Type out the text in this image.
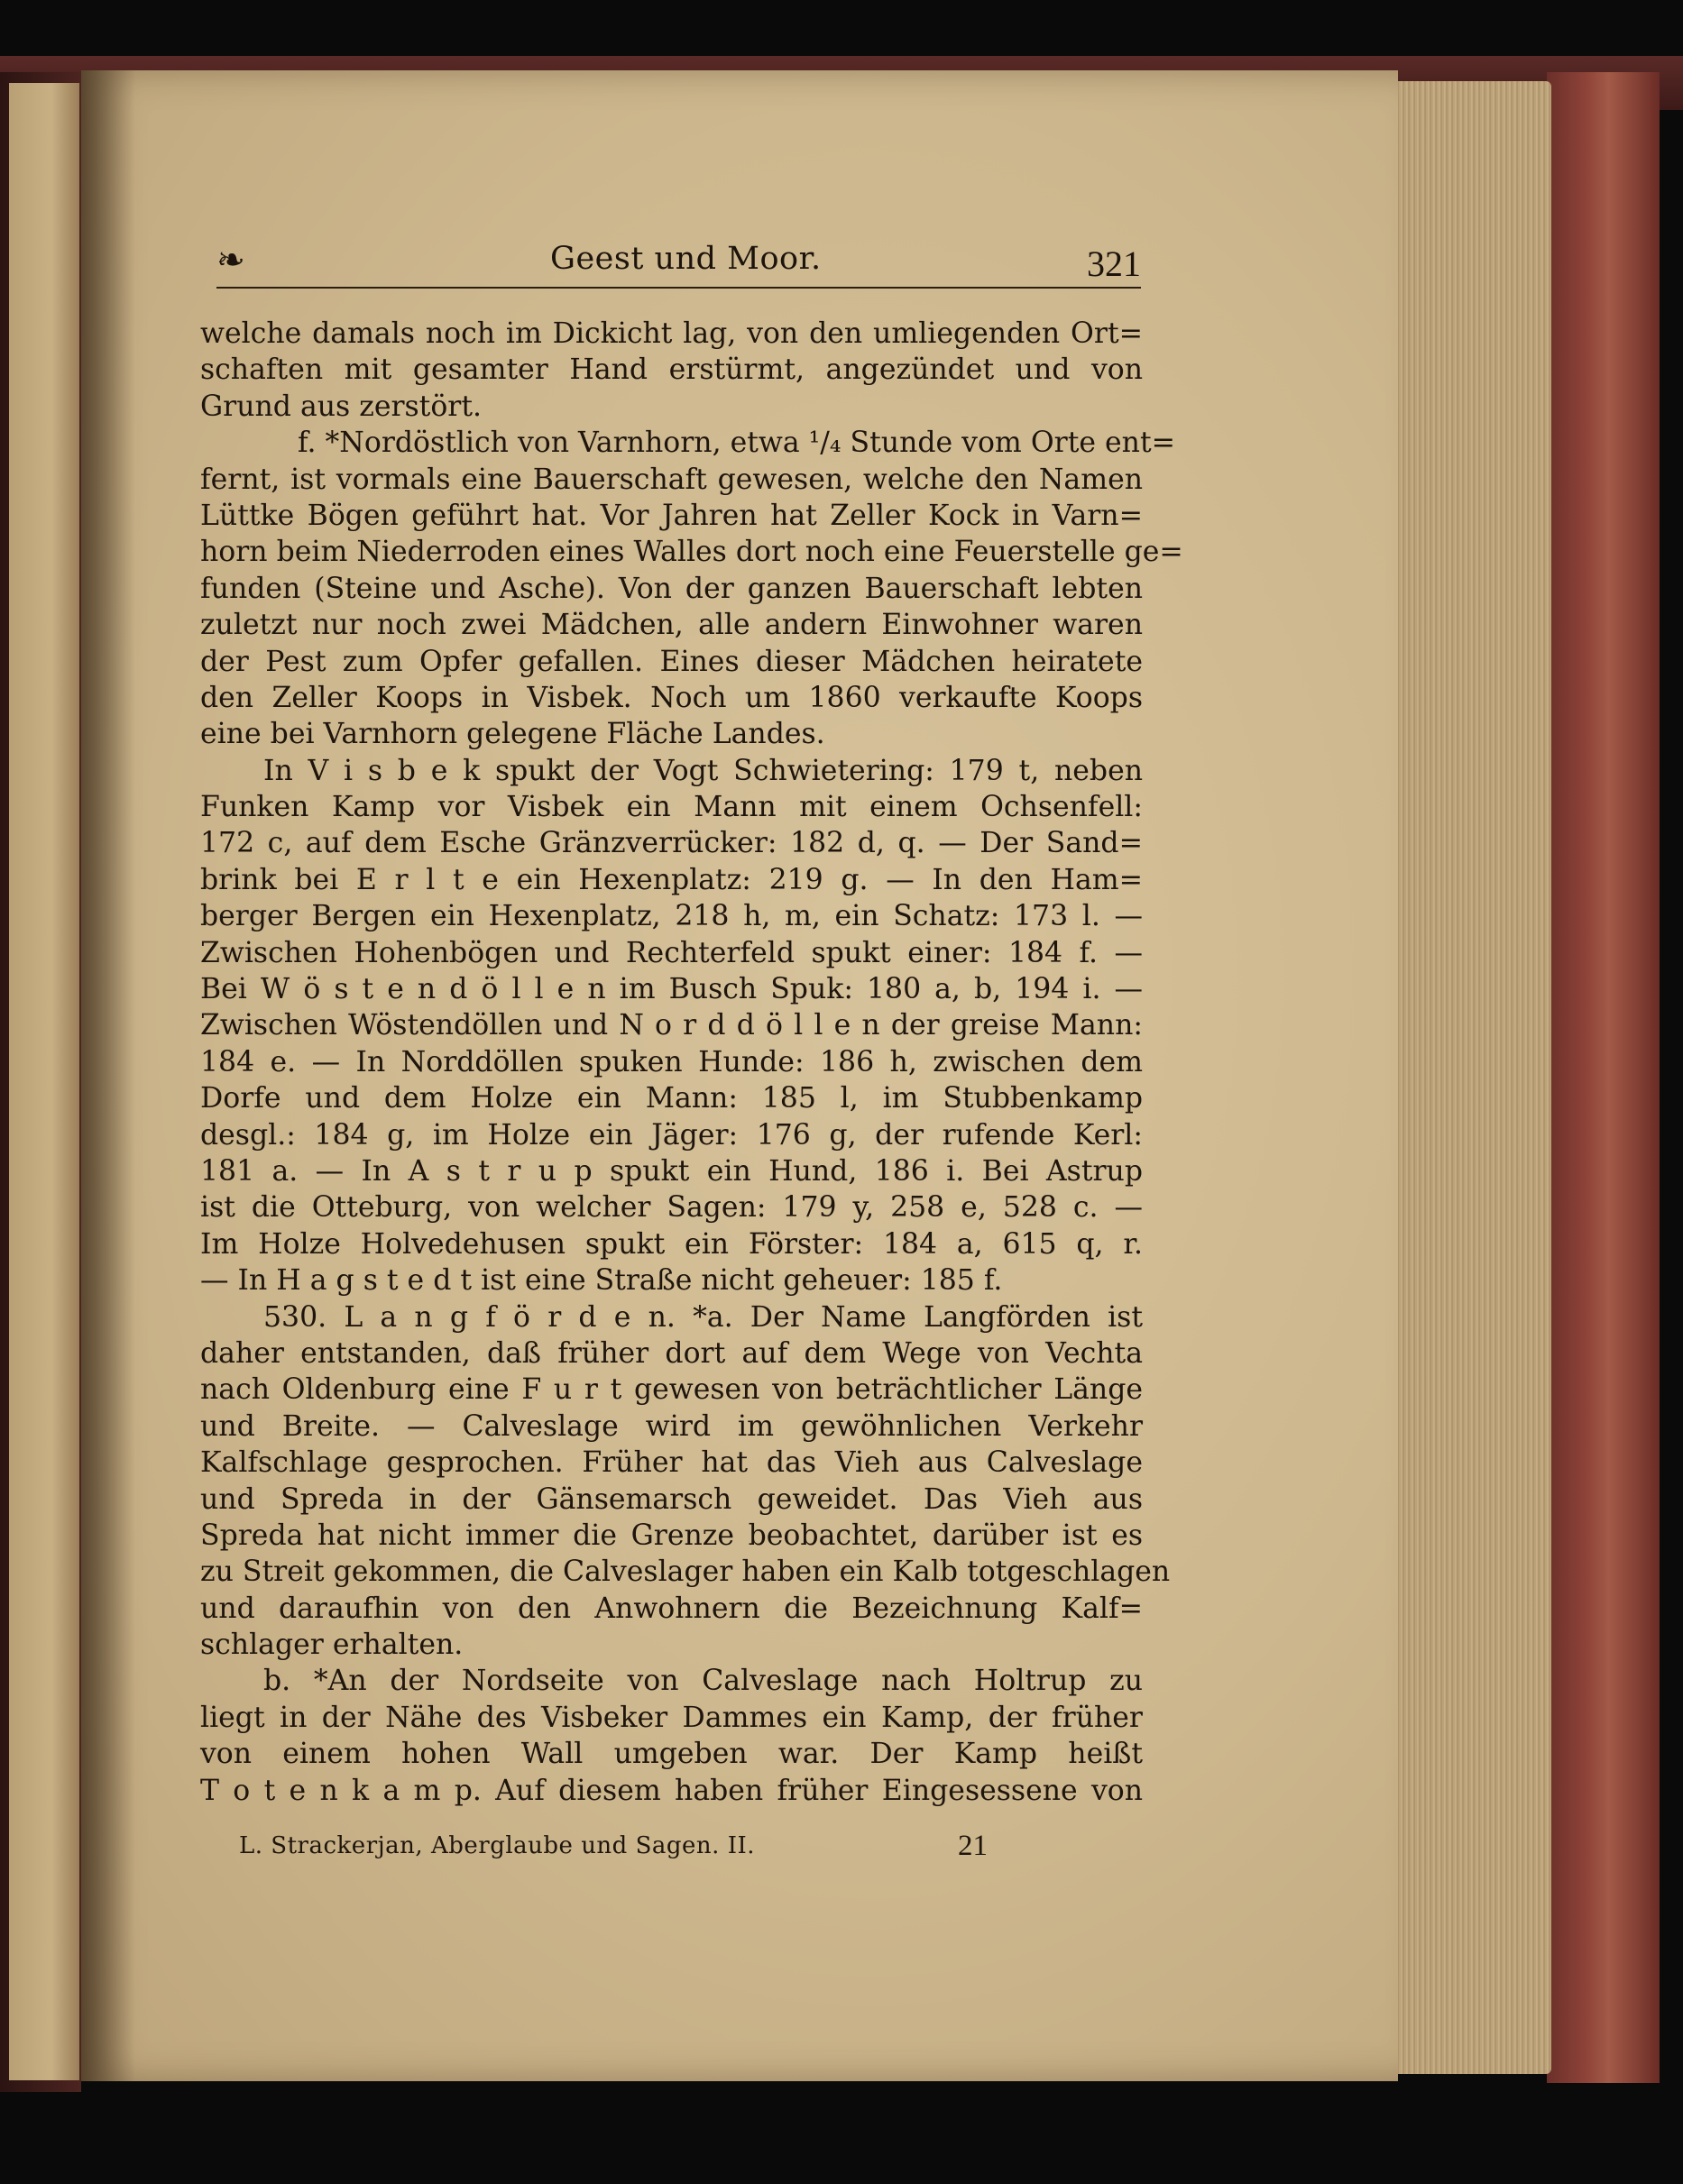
❧	Geest und Moor.	321
welche damals noch im Dickicht lag, von den umliegenden Ort=
schaften mit gesamter Hand erstürmt, angezündet und von
Grund aus zerstört.
f. *Nordöstlich von Varnhorn, etwa ¹/₄ Stunde vom Orte ent=
fernt, ist vormals eine Bauerschaft gewesen, welche den Namen
Lüttke Bögen geführt hat. Vor Jahren hat Zeller Kock in Varn=
horn beim Niederroden eines Walles dort noch eine Feuerstelle ge=
funden (Steine und Asche). Von der ganzen Bauerschaft lebten
zuletzt nur noch zwei Mädchen, alle andern Einwohner waren
der Pest zum Opfer gefallen. Eines dieser Mädchen heiratete
den Zeller Koops in Visbek. Noch um 1860 verkaufte Koops
eine bei Varnhorn gelegene Fläche Landes.
In V i s b e k spukt der Vogt Schwietering: 179 t, neben
Funken Kamp vor Visbek ein Mann mit einem Ochsenfell:
172 c, auf dem Esche Gränzverrücker: 182 d, q. — Der Sand=
brink bei E r l t e ein Hexenplatz: 219 g. — In den Ham=
berger Bergen ein Hexenplatz, 218 h, m, ein Schatz: 173 l. —
Zwischen Hohenbögen und Rechterfeld spukt einer: 184 f. —
Bei W ö s t e n d ö l l e n im Busch Spuk: 180 a, b, 194 i. —
Zwischen Wöstendöllen und N o r d d ö l l e n der greise Mann:
184 e. — In Norddöllen spuken Hunde: 186 h, zwischen dem
Dorfe und dem Holze ein Mann: 185 l, im Stubbenkamp
desgl.: 184 g, im Holze ein Jäger: 176 g, der rufende Kerl:
181 a. — In A s t r u p spukt ein Hund, 186 i. Bei Astrup
ist die Otteburg, von welcher Sagen: 179 y, 258 e, 528 c. —
Im Holze Holvedehusen spukt ein Förster: 184 a, 615 q, r.
— In H a g s t e d t ist eine Straße nicht geheuer: 185 f.
530. L a n g f ö r d e n. *a. Der Name Langförden ist
daher entstanden, daß früher dort auf dem Wege von Vechta
nach Oldenburg eine F u r t gewesen von beträchtlicher Länge
und Breite. — Calveslage wird im gewöhnlichen Verkehr
Kalfschlage gesprochen. Früher hat das Vieh aus Calveslage
und Spreda in der Gänsemarsch geweidet. Das Vieh aus
Spreda hat nicht immer die Grenze beobachtet, darüber ist es
zu Streit gekommen, die Calveslager haben ein Kalb totgeschlagen
und daraufhin von den Anwohnern die Bezeichnung Kalf=
schlager erhalten.
b. *An der Nordseite von Calveslage nach Holtrup zu
liegt in der Nähe des Visbeker Dammes ein Kamp, der früher
von einem hohen Wall umgeben war. Der Kamp heißt
T o t e n k a m p. Auf diesem haben früher Eingesessene von
L. Strackerjan, Aberglaube und Sagen. II.	21
